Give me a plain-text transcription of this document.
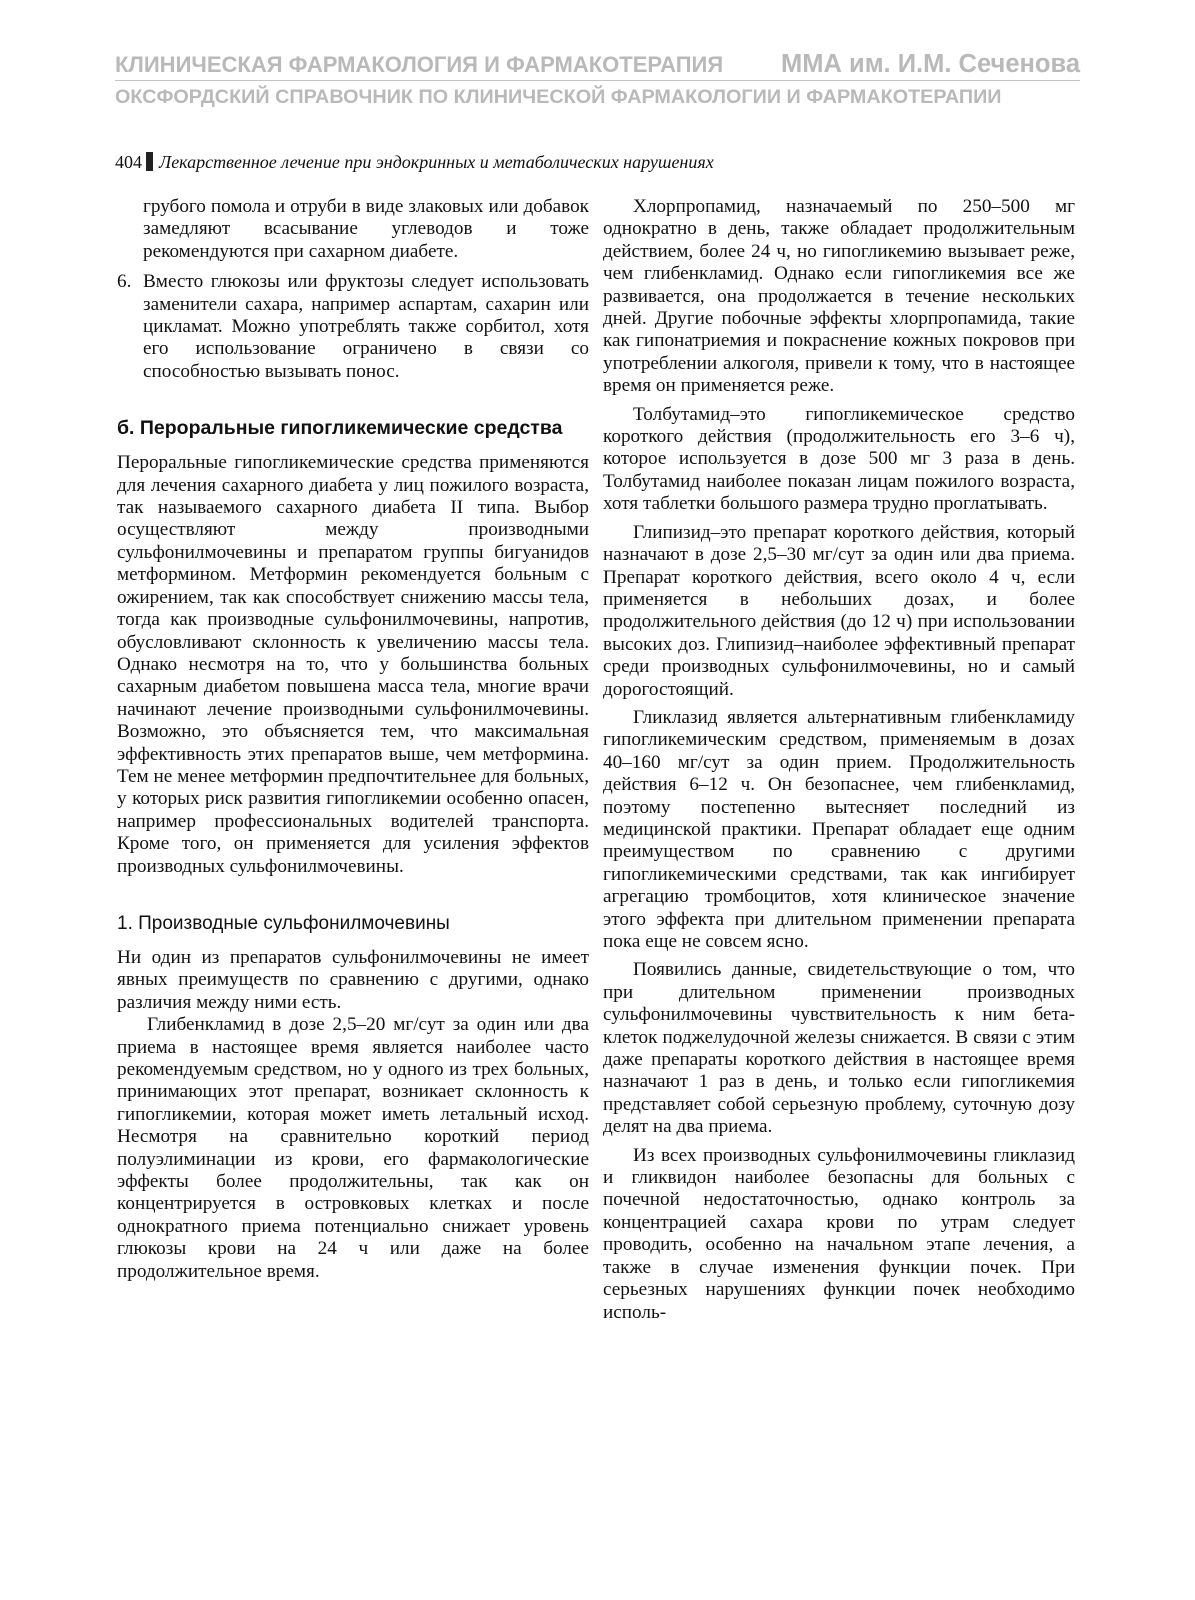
КЛИНИЧЕСКАЯ ФАРМАКОЛОГИЯ И ФАРМАКОТЕРАПИЯ ММА им. И.М. Сеченова
ОКСФОРДСКИЙ СПРАВОЧНИК ПО КЛИНИЧЕСКОЙ ФАРМАКОЛОГИИ И ФАРМАКОТЕРАПИИ
404 Лекарственное лечение при эндокринных и метаболических нарушениях

грубого помола и отруби в виде злаковых или добавок замедляют всасывание углеводов и тоже рекомендуются при сахарном диабете.

6. Вместо глюкозы или фруктозы следует использовать заменители сахара, например аспартам, сахарин или цикламат. Можно употреблять также сорбитол, хотя его использование ограничено в связи со способностью вызывать понос.
б. Пероральные гипогликемические средства

Пероральные гипогликемические средства применяются для лечения сахарного диабета у лиц пожилого возраста, так называемого сахарного диабета II типа. Выбор осуществляют между производными сульфонилмочевины и препаратом группы бигуанидов метформином. Метформин рекомендуется больным с ожирением, так как способствует снижению массы тела, тогда как производные сульфонилмочевины, напротив, обусловливают склонность к увеличению массы тела. Однако несмотря на то, что у большинства больных сахарным диабетом повышена масса тела, многие врачи начинают лечение производными сульфонилмочевины. Возможно, это объясняется тем, что максимальная эффективность этих препаратов выше, чем метформина. Тем не менее метформин предпочтительнее для больных, у которых риск развития гипогликемии особенно опасен, например профессиональных водителей транспорта. Кроме того, он применяется для усиления эффектов производных сульфонилмочевины.

1. Производные сульфонилмочевины

Ни один из препаратов сульфонилмочевины не имеет явных преимуществ по сравнению с другими, однако различия между ними есть.

Глибенкламид в дозе 2,5–20 мг/сут за один или два приема в настоящее время является наиболее часто рекомендуемым средством, но у одного из трех больных, принимающих этот препарат, возникает склонность к гипогликемии, которая может иметь летальный исход. Несмотря на сравнительно короткий период полуэлиминации из крови, его фармакологические эффекты более продолжительны, так как он концентрируется в островковых клетках и после однократного приема потенциально снижает уровень глюкозы крови на 24 ч или даже на более продолжительное время.

Хлорпропамид, назначаемый по 250–500 мг однократно в день, также обладает продолжительным действием, более 24 ч, но гипогликемию вызывает реже, чем глибенкламид. Однако если гипогликемия все же развивается, она продолжается в течение нескольких дней. Другие побочные эффекты хлорпропамида, такие как гипонатриемия и покраснение кожных покровов при употреблении алкоголя, привели к тому, что в настоящее время он применяется реже.

Толбутамид–это гипогликемическое средство короткого действия (продолжительность его 3–6 ч), которое используется в дозе 500 мг 3 раза в день. Толбутамид наиболее показан лицам пожилого возраста, хотя таблетки большого размера трудно проглатывать.

Глипизид–это препарат короткого действия, который назначают в дозе 2,5–30 мг/сут за один или два приема. Препарат короткого действия, всего около 4 ч, если применяется в небольших дозах, и более продолжительного действия (до 12 ч) при использовании высоких доз. Глипизид–наиболее эффективный препарат среди производных сульфонилмочевины, но и самый дорогостоящий.

Гликлазид является альтернативным глибенкламиду гипогликемическим средством, применяемым в дозах 40–160 мг/сут за один прием. Продолжительность действия 6–12 ч. Он безопаснее, чем глибенкламид, поэтому постепенно вытесняет последний из медицинской практики. Препарат обладает еще одним преимуществом по сравнению с другими гипогликемическими средствами, так как ингибирует агрегацию тромбоцитов, хотя клиническое значение этого эффекта при длительном применении препарата пока еще не совсем ясно.

Появились данные, свидетельствующие о том, что при длительном применении производных сульфонилмочевины чувствительность к ним бета-клеток поджелудочной железы снижается. В связи с этим даже препараты короткого действия в настоящее время назначают 1 раз в день, и только если гипогликемия представляет собой серьезную проблему, суточную дозу делят на два приема.

Из всех производных сульфонилмочевины гликлазид и гликвидон наиболее безопасны для больных с почечной недостаточностью, однако контроль за концентрацией сахара крови по утрам следует проводить, особенно на начальном этапе лечения, а также в случае изменения функции почек. При серьезных нарушениях функции почек необходимо исполь-
